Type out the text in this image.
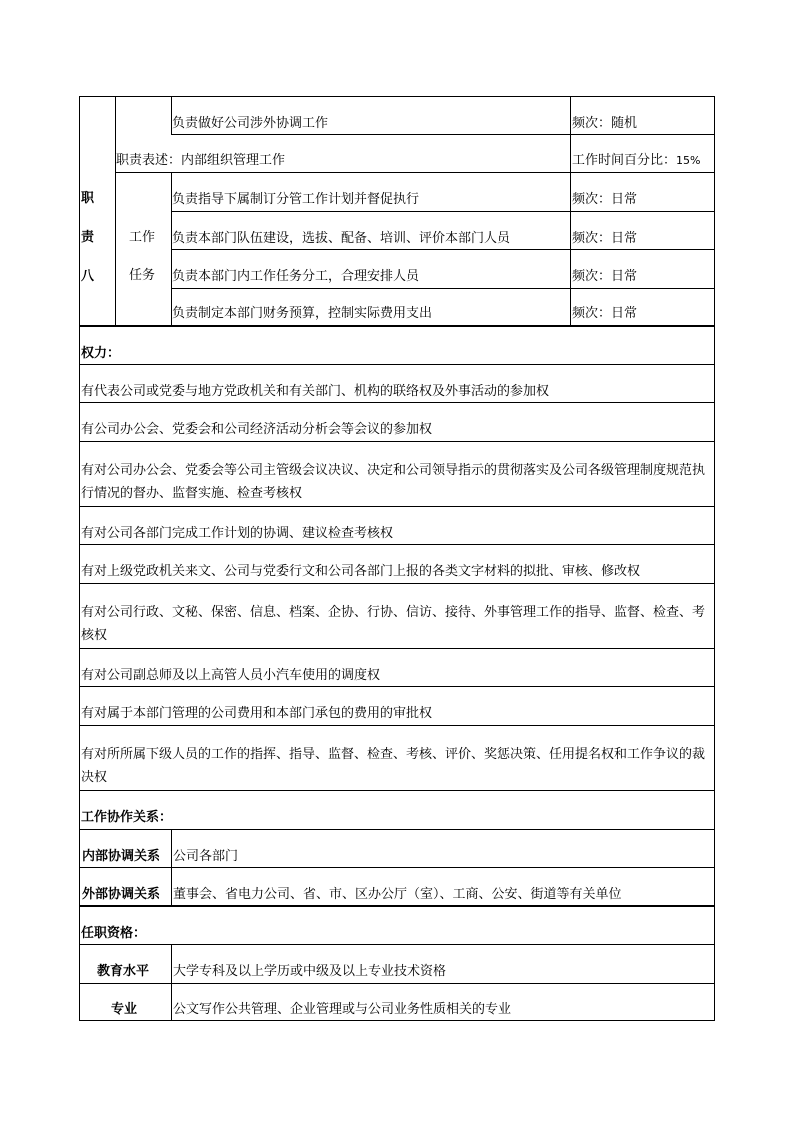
职
责
八
工作
任务
负责做好公司涉外协调工作	频次：随机
职责表述：内部组织管理工作	工作时间百分比：15%
负责指导下属制订分管工作计划并督促执行	频次：日常
负责本部门队伍建设，选拔、配备、培训、评价本部门人员	频次：日常
负责本部门内工作任务分工，合理安排人员	频次：日常
负责制定本部门财务预算，控制实际费用支出	频次：日常
权力：
有代表公司或党委与地方党政机关和有关部门、机构的联络权及外事活动的参加权
有公司办公会、党委会和公司经济活动分析会等会议的参加权
有对公司办公会、党委会等公司主管级会议决议、决定和公司领导指示的贯彻落实及公司各级管理制度规范执行情况的督办、监督实施、检查考核权
有对公司各部门完成工作计划的协调、建议检查考核权
有对上级党政机关来文、公司与党委行文和公司各部门上报的各类文字材料的拟批、审核、修改权
有对公司行政、文秘、保密、信息、档案、企协、行协、信访、接待、外事管理工作的指导、监督、检查、考核权
有对公司副总师及以上高管人员小汽车使用的调度权
有对属于本部门管理的公司费用和本部门承包的费用的审批权
有对所所属下级人员的工作的指挥、指导、监督、检查、考核、评价、奖惩决策、任用提名权和工作争议的裁决权
工作协作关系：
内部协调关系 公司各部门
外部协调关系 董事会、省电力公司、省、市、区办公厅（室）、工商、公安、街道等有关单位
任职资格：
教育水平 大学专科及以上学历或中级及以上专业技术资格
专业	公文写作公共管理、企业管理或与公司业务性质相关的专业
